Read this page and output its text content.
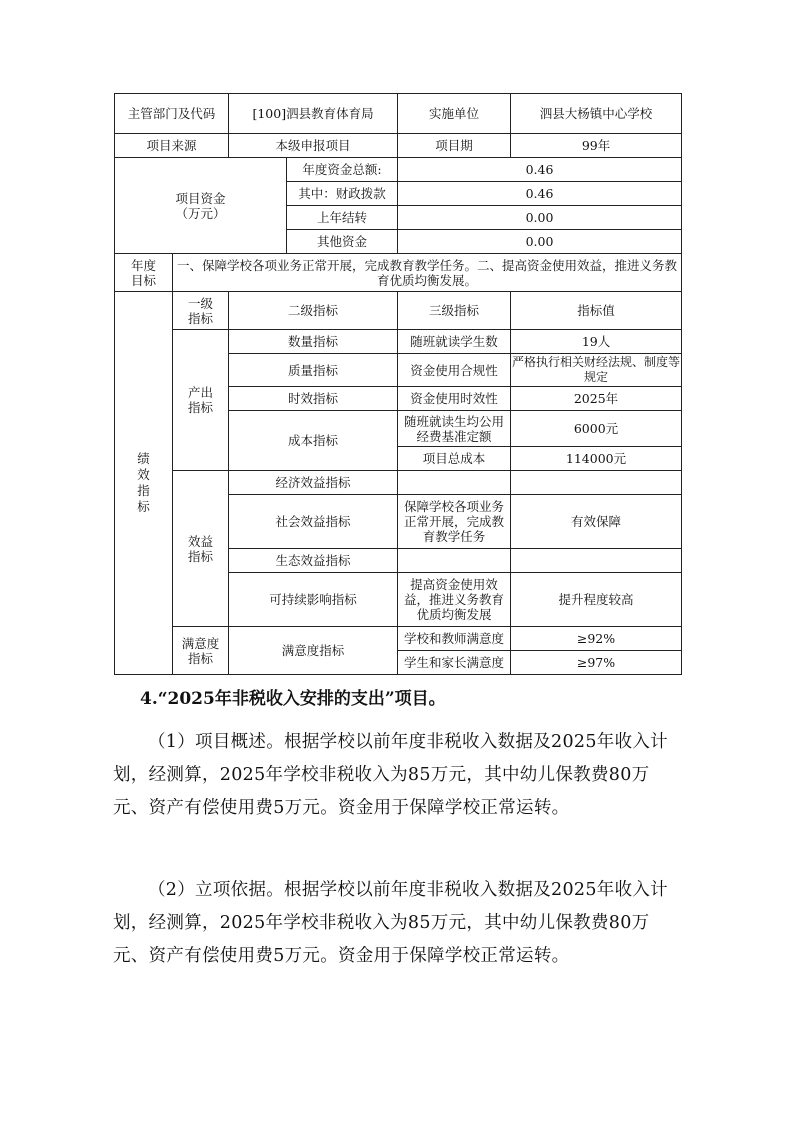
主管部门及代码		[100]泗县教育体育局		实施单位	泗县大杨镇中心学校
项目来源		本级申报项目		项目期	99年
项目资金
（万元）			年度资金总额:	0.46	
			其中：财政拨款	0.46	
			上年结转	0.00	
			其他资金	0.00	
年度目标	一、保障学校各项业务正常开展，完成教育教学任务。二、提高资金使用效益，推进义务教育优质均衡发展。				
绩效指标	一级指标	二级指标		三级指标	指标值
	产出指标	数量指标		随班就读学生数	19人
		质量指标		资金使用合规性	严格执行相关财经法规、制度等规定
		时效指标		资金使用时效性	2025年
		成本指标		随班就读生均公用经费基准定额	6000元
				项目总成本	114000元
	效益指标	经济效益指标			
		社会效益指标		保障学校各项业务正常开展，完成教育教学任务	有效保障
		生态效益指标			
		可持续影响指标		提高资金使用效益，推进义务教育优质均衡发展	提升程度较高
	满意度指标	满意度指标		学校和教师满意度	≥92%
				学生和家长满意度	≥97%
4.“2025年非税收入安排的支出”项目。
（1）项目概述。根据学校以前年度非税收入数据及2025年收入计划，经测算，2025年学校非税收入为85万元，其中幼儿保教费80万元、资产有偿使用费5万元。资金用于保障学校正常运转。
（2）立项依据。根据学校以前年度非税收入数据及2025年收入计划，经测算，2025年学校非税收入为85万元，其中幼儿保教费80万元、资产有偿使用费5万元。资金用于保障学校正常运转。
